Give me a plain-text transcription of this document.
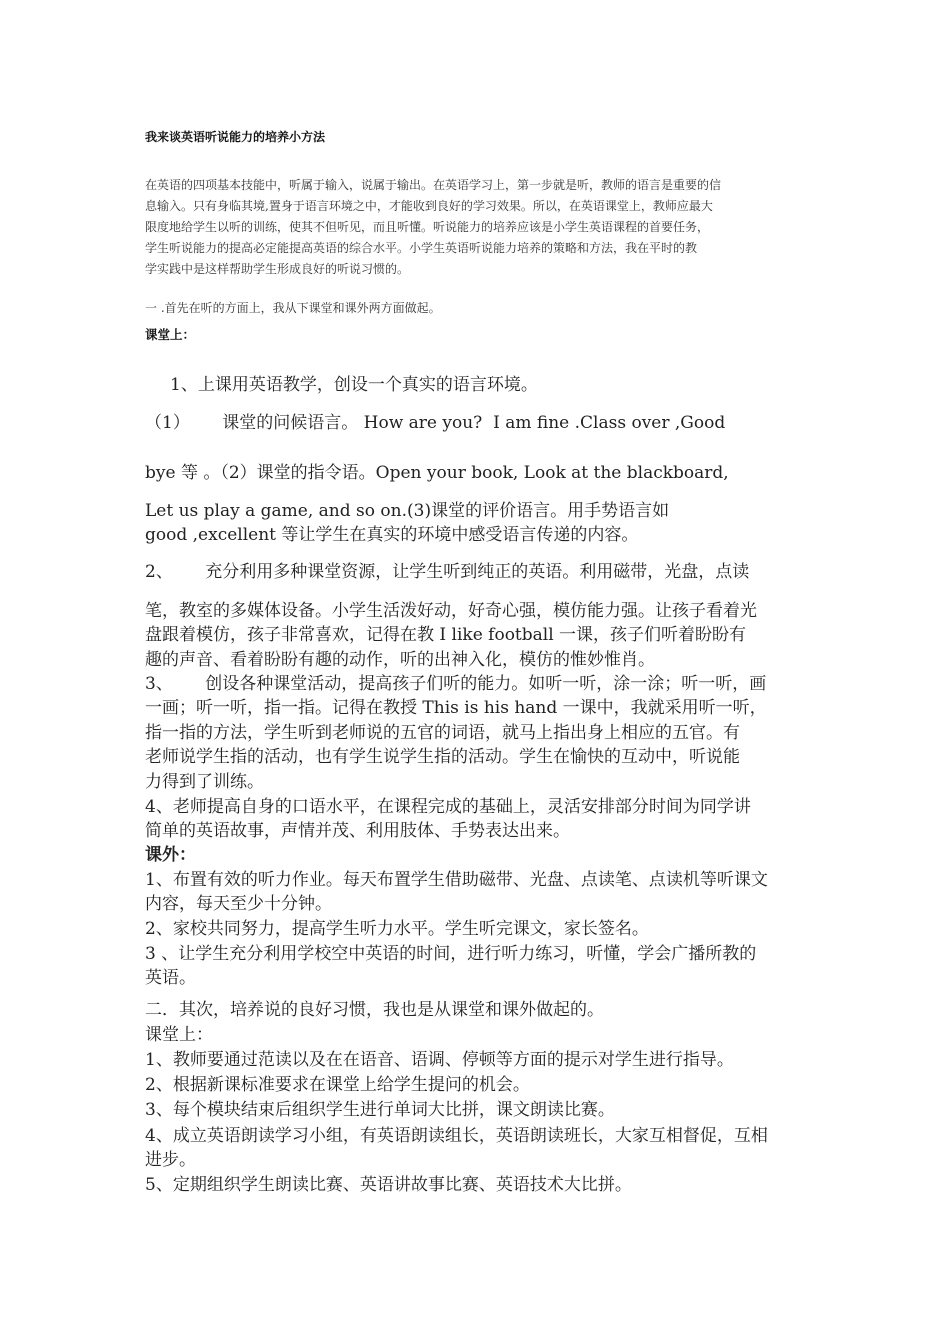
我来谈英语听说能力的培养小方法

在英语的四项基本技能中，听属于输入，说属于输出。在英语学习上，第一步就是听，教师的语言是重要的信

息输入。只有身临其境,置身于语言环境之中，才能收到良好的学习效果。所以，在英语课堂上，教师应最大

限度地给学生以听的训练，使其不但听见，而且听懂。听说能力的培养应该是小学生英语课程的首要任务，

学生听说能力的提高必定能提高英语的综合水平。小学生英语听说能力培养的策略和方法，我在平时的教

学实践中是这样帮助学生形成良好的听说习惯的。

一 .首先在听的方面上，我从下课堂和课外两方面做起。
课堂上：
1、上课用英语教学，创设一个真实的语言环境。
（1）      课堂的问候语言。 How are you?  I am fine .Class over ,Good
bye 等 。（2）课堂的指令语。Open your book, Look at the blackboard,
Let us play a game, and so on.(3)课堂的评价语言。用手势语言如
good ,excellent 等让学生在真实的环境中感受语言传递的内容。
2、      充分利用多种课堂资源，让学生听到纯正的英语。利用磁带，光盘，点读
笔，教室的多媒体设备。小学生活泼好动，好奇心强，模仿能力强。让孩子看着光
盘跟着模仿，孩子非常喜欢，记得在教 I like football 一课，孩子们听着盼盼有
趣的声音、看着盼盼有趣的动作，听的出神入化，模仿的惟妙惟肖。
3、      创设各种课堂活动，提高孩子们听的能力。如听一听，涂一涂；听一听，画
一画；听一听，指一指。记得在教授 This is his hand 一课中，我就采用听一听，
指一指的方法，学生听到老师说的五官的词语，就马上指出身上相应的五官。有
老师说学生指的活动，也有学生说学生指的活动。学生在愉快的互动中，听说能
力得到了训练。
4、老师提高自身的口语水平，在课程完成的基础上，灵活安排部分时间为同学讲
简单的英语故事，声情并茂、利用肢体、手势表达出来。
课外：
1、布置有效的听力作业。每天布置学生借助磁带、光盘、点读笔、点读机等听课文
内容，每天至少十分钟。
2、家校共同努力，提高学生听力水平。学生听完课文，家长签名。
3 、让学生充分利用学校空中英语的时间，进行听力练习，听懂，学会广播所教的
英语。
二．其次，培养说的良好习惯，我也是从课堂和课外做起的。
课堂上：
1、教师要通过范读以及在在语音、语调、停顿等方面的提示对学生进行指导。
2、根据新课标准要求在课堂上给学生提问的机会。
3、每个模块结束后组织学生进行单词大比拼，课文朗读比赛。
4、成立英语朗读学习小组，有英语朗读组长，英语朗读班长，大家互相督促，互相
进步。
5、定期组织学生朗读比赛、英语讲故事比赛、英语技术大比拼。
